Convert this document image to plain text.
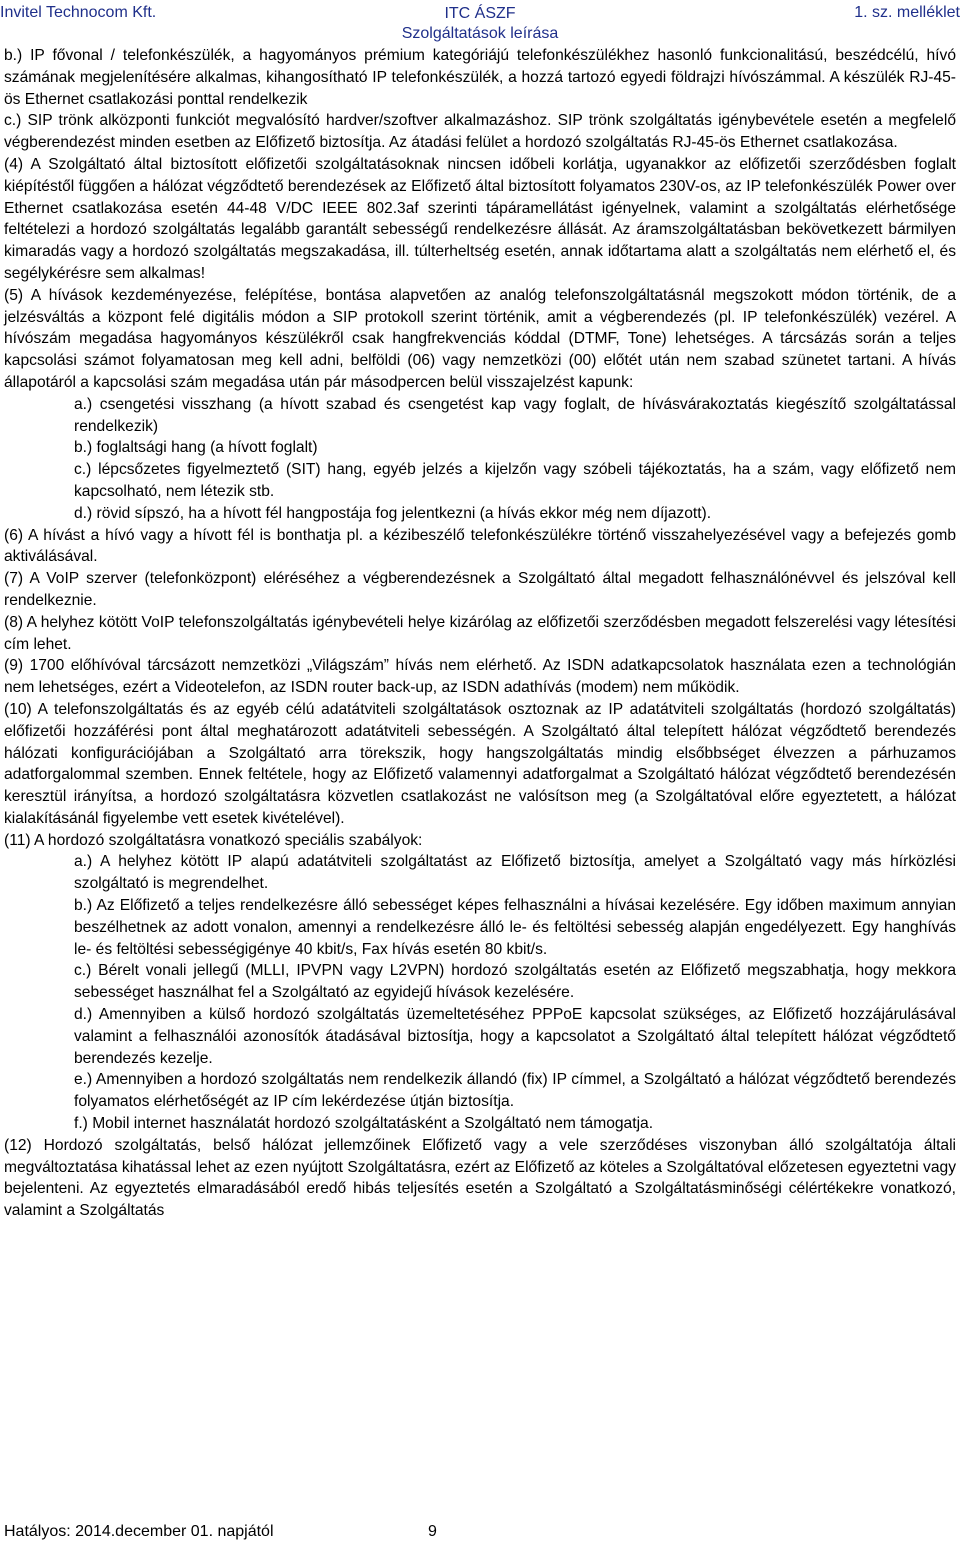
Invitel Technocom Kft.	ITC ÁSZF
Szolgáltatások leírása
1. sz. melléklet

b.) IP fővonal / telefonkészülék, a hagyományos prémium kategóriájú telefonkészülékhez hasonló funkcionalitású, beszédcélú, hívó számának megjelenítésére alkalmas, kihangosítható IP telefonkészülék, a hozzá tartozó egyedi földrajzi hívószámmal. A készülék RJ-45-ös Ethernet csatlakozási ponttal rendelkezik

c.) SIP trönk alközponti funkciót megvalósító hardver/szoftver alkalmazáshoz. SIP trönk szolgáltatás igénybevétele esetén a megfelelő végberendezést minden esetben az Előfizető biztosítja. Az átadási felület a hordozó szolgáltatás RJ-45-ös Ethernet csatlakozása.

(4) A Szolgáltató által biztosított előfizetői szolgáltatásoknak nincsen időbeli korlátja, ugyanakkor az előfizetői szerződésben foglalt kiépítéstől függően a hálózat végződtető berendezések az Előfizető által biztosított folyamatos 230V-os, az IP telefonkészülék Power over Ethernet csatlakozása esetén 44-48 V/DC IEEE 802.3af szerinti tápáramellátást igényelnek, valamint a szolgáltatás elérhetősége feltételezi a hordozó szolgáltatás legalább garantált sebességű rendelkezésre állását. Az áramszolgáltatásban bekövetkezett bármilyen kimaradás vagy a hordozó szolgáltatás megszakadása, ill. túlterheltség esetén, annak időtartama alatt a szolgáltatás nem elérhető el, és segélykérésre sem alkalmas!

(5) A hívások kezdeményezése, felépítése, bontása alapvetően az analóg telefonszolgáltatásnál megszokott módon történik, de a jelzésváltás a központ felé digitális módon a SIP protokoll szerint történik, amit a végberendezés (pl. IP telefonkészülék) vezérel. A hívószám megadása hagyományos készülékről csak hangfrekvenciás kóddal (DTMF, Tone) lehetséges. A tárcsázás során a teljes kapcsolási számot folyamatosan meg kell adni, belföldi (06) vagy nemzetközi (00) előtét után nem szabad szünetet tartani. A hívás állapotáról a kapcsolási szám megadása után pár másodpercen belül visszajelzést kapunk:

a.) csengetési visszhang (a hívott szabad és csengetést kap vagy foglalt, de hívásvárakoztatás kiegészítő szolgáltatással rendelkezik)

b.) foglaltsági hang (a hívott foglalt)

c.) lépcsőzetes figyelmeztető (SIT) hang, egyéb jelzés a kijelzőn vagy szóbeli tájékoztatás, ha a szám, vagy előfizető nem kapcsolható, nem létezik stb.

d.) rövid sípszó, ha a hívott fél hangpostája fog jelentkezni (a hívás ekkor még nem díjazott).

(6) A hívást a hívó vagy a hívott fél is bonthatja pl. a kézibeszélő telefonkészülékre történő visszahelyezésével vagy a befejezés gomb aktiválásával.

(7) A VoIP szerver (telefonközpont) eléréséhez a végberendezésnek a Szolgáltató által megadott felhasználónévvel és jelszóval kell rendelkeznie.

(8) A helyhez kötött VoIP telefonszolgáltatás igénybevételi helye kizárólag az előfizetői szerződésben megadott felszerelési vagy létesítési cím lehet.

(9) 1700 előhívóval tárcsázott nemzetközi „Világszám” hívás nem elérhető. Az ISDN adatkapcsolatok használata ezen a technológián nem lehetséges, ezért a Videotelefon, az ISDN router back-up, az ISDN adathívás (modem) nem működik.

(10) A telefonszolgáltatás és az egyéb célú adatátviteli szolgáltatások osztoznak az IP adatátviteli szolgáltatás (hordozó szolgáltatás) előfizetői hozzáférési pont által meghatározott adatátviteli sebességén. A Szolgáltató által telepített hálózat végződtető berendezés hálózati konfigurációjában a Szolgáltató arra törekszik, hogy hangszolgáltatás mindig elsőbbséget élvezzen a párhuzamos adatforgalommal szemben. Ennek feltétele, hogy az Előfizető valamennyi adatforgalmat a Szolgáltató hálózat végződtető berendezésén keresztül irányítsa, a hordozó szolgáltatásra közvetlen csatlakozást ne valósítson meg (a Szolgáltatóval előre egyeztetett, a hálózat kialakításánál figyelembe vett esetek kivételével).

(11) A hordozó szolgáltatásra vonatkozó speciális szabályok:

a.) A helyhez kötött IP alapú adatátviteli szolgáltatást az Előfizető biztosítja, amelyet a Szolgáltató vagy más hírközlési szolgáltató is megrendelhet.

b.) Az Előfizető a teljes rendelkezésre álló sebességet képes felhasználni a hívásai kezelésére. Egy időben maximum annyian beszélhetnek az adott vonalon, amennyi a rendelkezésre álló le- és feltöltési sebesség alapján engedélyezett. Egy hanghívás le- és feltöltési sebességigénye 40 kbit/s, Fax hívás esetén 80 kbit/s.

c.) Bérelt vonali jellegű (MLLI, IPVPN vagy L2VPN) hordozó szolgáltatás esetén az Előfizető megszabhatja, hogy mekkora sebességet használhat fel a Szolgáltató az egyidejű hívások kezelésére.

d.) Amennyiben a külső hordozó szolgáltatás üzemeltetéséhez PPPoE kapcsolat szükséges, az Előfizető hozzájárulásával valamint a felhasználói azonosítók átadásával biztosítja, hogy a kapcsolatot a Szolgáltató által telepített hálózat végződtető berendezés kezelje.

e.) Amennyiben a hordozó szolgáltatás nem rendelkezik állandó (fix) IP címmel, a Szolgáltató a hálózat végződtető berendezés folyamatos elérhetőségét az IP cím lekérdezése útján biztosítja.

f.) Mobil internet használatát hordozó szolgáltatásként a Szolgáltató nem támogatja.

(12) Hordozó szolgáltatás, belső hálózat jellemzőinek Előfizető vagy a vele szerződéses viszonyban álló szolgáltatója általi megváltoztatása kihatással lehet az ezen nyújtott Szolgáltatásra, ezért az Előfizető az köteles a Szolgáltatóval előzetesen egyeztetni vagy bejelenteni. Az egyeztetés elmaradásából eredő hibás teljesítés esetén a Szolgáltató a Szolgáltatásminőségi célértékekre vonatkozó, valamint a Szolgáltatás

Hatályos: 2014.december 01. napjától	9
